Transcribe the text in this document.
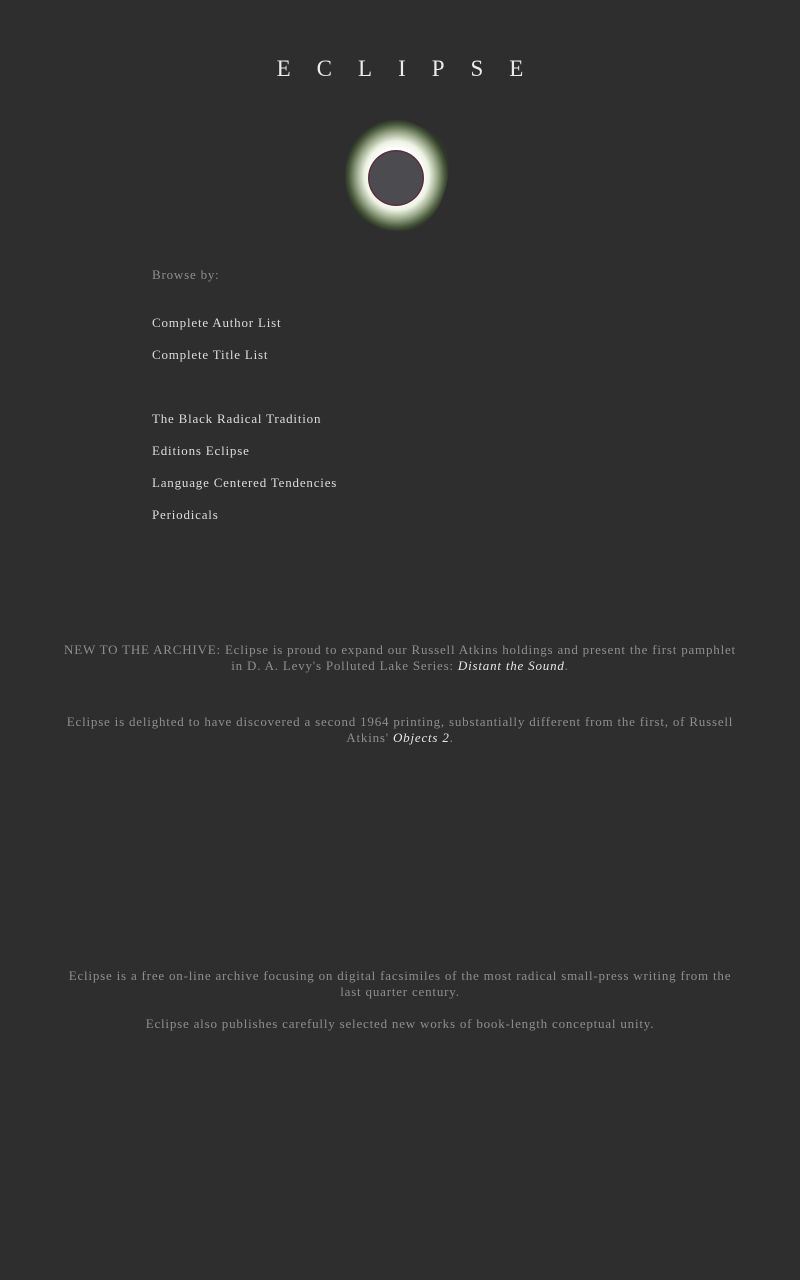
ECLIPSE
Browse by:
Complete Author List
Complete Title List
The Black Radical Tradition
Editions Eclipse
Language Centered Tendencies
Periodicals
NEW TO THE ARCHIVE: Eclipse is proud to expand our Russell Atkins holdings and present the first pamphlet in D. A. Levy's Polluted Lake Series: Distant the Sound.
Eclipse is delighted to have discovered a second 1964 printing, substantially different from the first, of Russell Atkins' Objects 2.
Eclipse is a free on-line archive focusing on digital facsimiles of the most radical small-press writing from the last quarter century.
Eclipse also publishes carefully selected new works of book-length conceptual unity.
